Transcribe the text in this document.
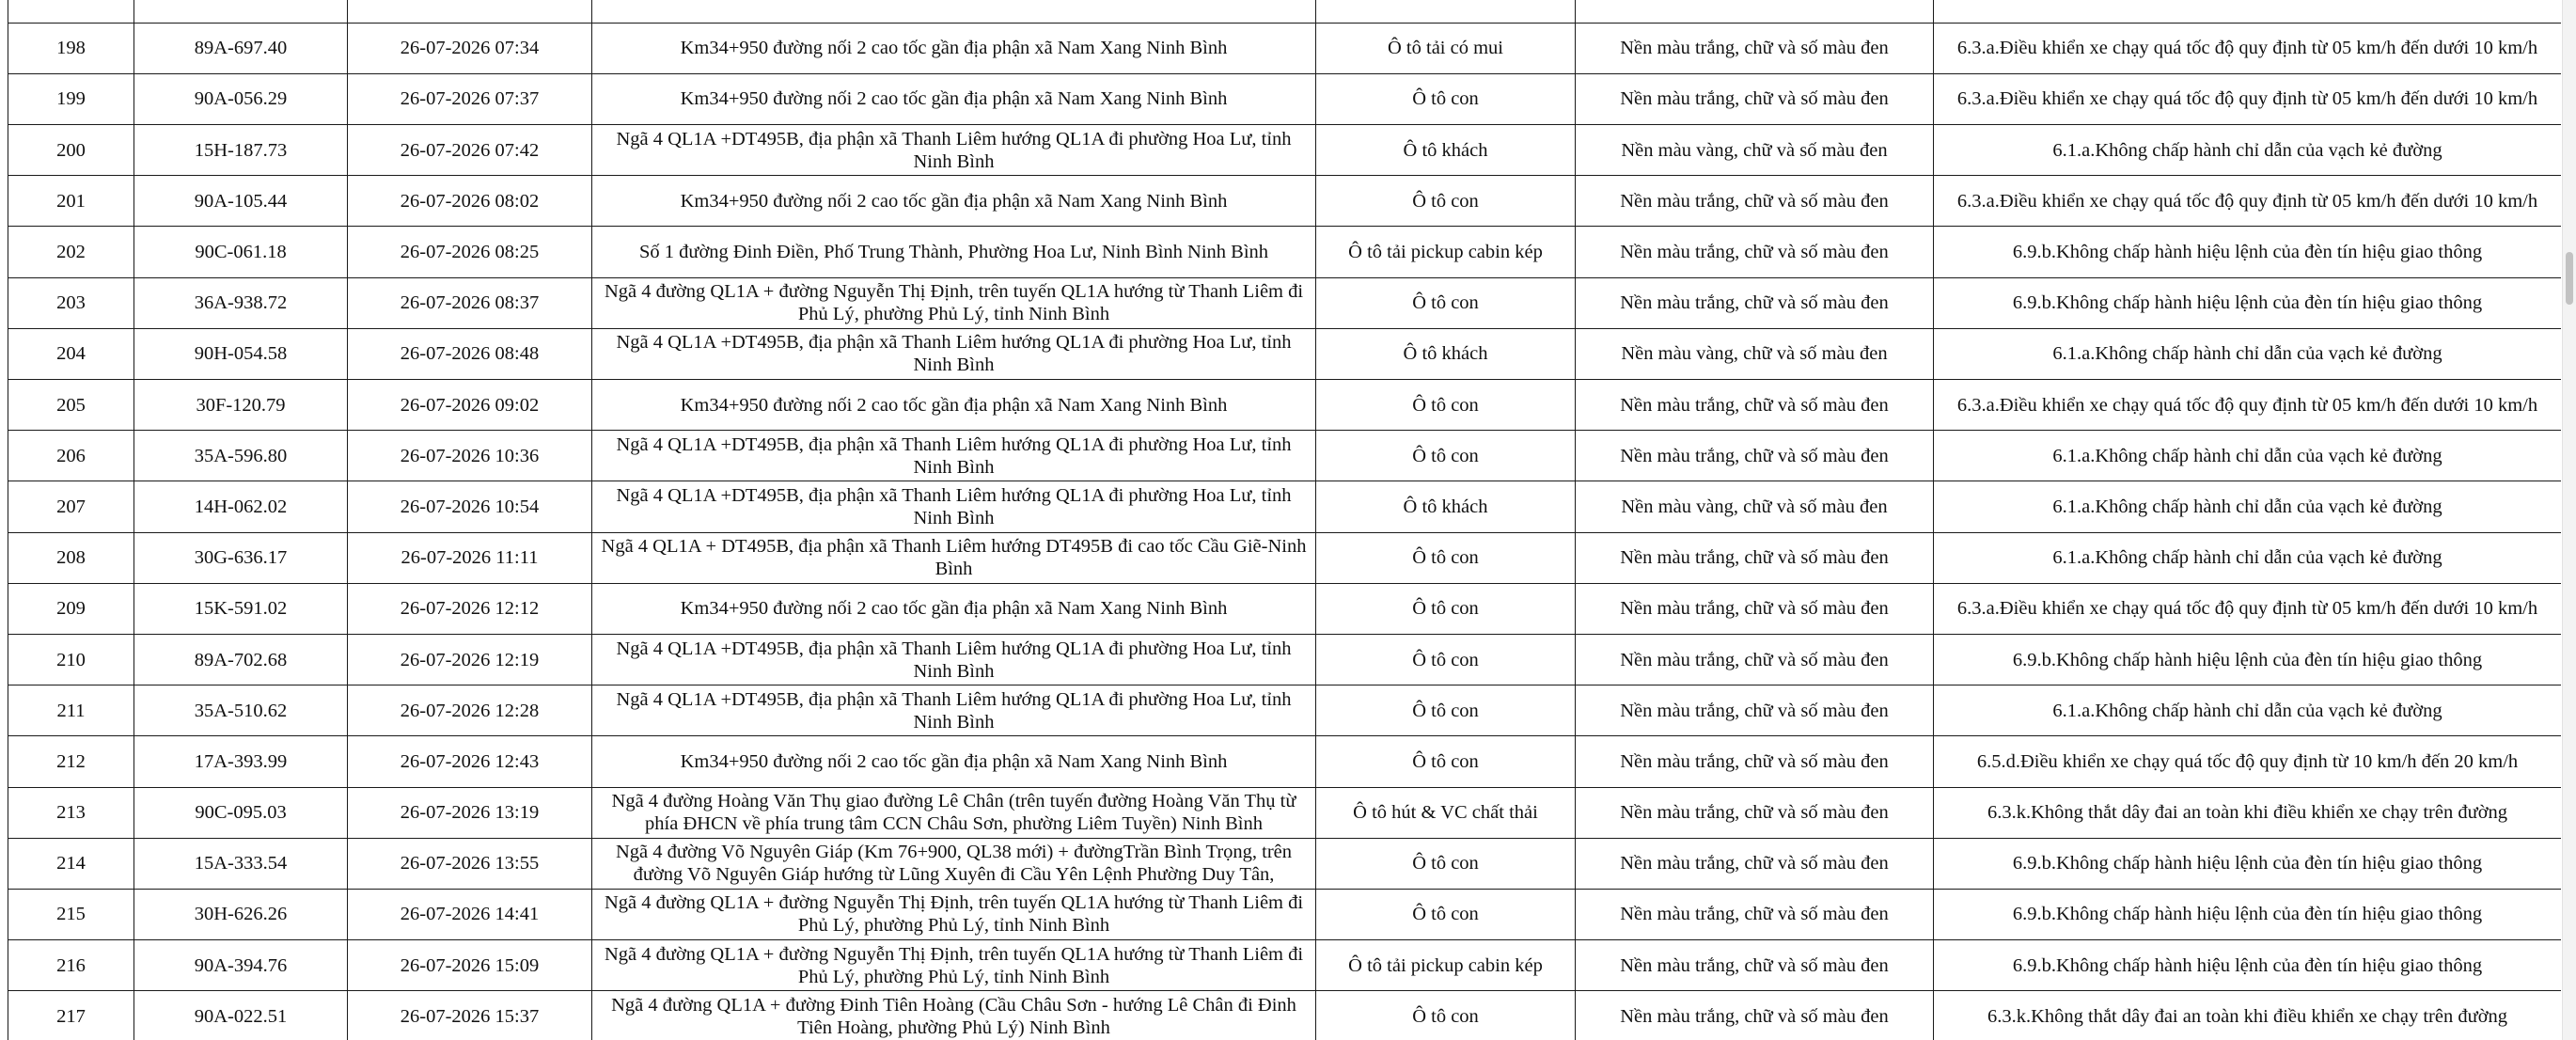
198	89A-697.40	26-07-2026 07:34	Km34+950 đường nối 2 cao tốc gần địa phận xã Nam Xang Ninh Bình	Ô tô tải có mui	Nền màu trắng, chữ và số màu đen	6.3.a.Điều khiển xe chạy quá tốc độ quy định từ 05 km/h đến dưới 10 km/h

199	90A-056.29	26-07-2026 07:37	Km34+950 đường nối 2 cao tốc gần địa phận xã Nam Xang Ninh Bình	Ô tô con	Nền màu trắng, chữ và số màu đen	6.3.a.Điều khiển xe chạy quá tốc độ quy định từ 05 km/h đến dưới 10 km/h

200	15H-187.73	26-07-2026 07:42	Ngã 4 QL1A +DT495B, địa phận xã Thanh Liêm hướng QL1A đi phường Hoa Lư, tỉnh Ninh Bình	Ô tô khách	Nền màu vàng, chữ và số màu đen	6.1.a.Không chấp hành chỉ dẫn của vạch kẻ đường

201	90A-105.44	26-07-2026 08:02	Km34+950 đường nối 2 cao tốc gần địa phận xã Nam Xang Ninh Bình	Ô tô con	Nền màu trắng, chữ và số màu đen	6.3.a.Điều khiển xe chạy quá tốc độ quy định từ 05 km/h đến dưới 10 km/h

202	90C-061.18	26-07-2026 08:25	Số 1 đường Đinh Điền, Phố Trung Thành, Phường Hoa Lư, Ninh Bình Ninh Bình	Ô tô tải pickup cabin kép	Nền màu trắng, chữ và số màu đen	6.9.b.Không chấp hành hiệu lệnh của đèn tín hiệu giao thông

203	36A-938.72	26-07-2026 08:37	Ngã 4 đường QL1A + đường Nguyễn Thị Định, trên tuyến QL1A hướng từ Thanh Liêm đi Phủ Lý, phường Phủ Lý, tỉnh Ninh Bình	Ô tô con	Nền màu trắng, chữ và số màu đen	6.9.b.Không chấp hành hiệu lệnh của đèn tín hiệu giao thông

204	90H-054.58	26-07-2026 08:48	Ngã 4 QL1A +DT495B, địa phận xã Thanh Liêm hướng QL1A đi phường Hoa Lư, tỉnh Ninh Bình	Ô tô khách	Nền màu vàng, chữ và số màu đen	6.1.a.Không chấp hành chỉ dẫn của vạch kẻ đường

205	30F-120.79	26-07-2026 09:02	Km34+950 đường nối 2 cao tốc gần địa phận xã Nam Xang Ninh Bình	Ô tô con	Nền màu trắng, chữ và số màu đen	6.3.a.Điều khiển xe chạy quá tốc độ quy định từ 05 km/h đến dưới 10 km/h

206	35A-596.80	26-07-2026 10:36	Ngã 4 QL1A +DT495B, địa phận xã Thanh Liêm hướng QL1A đi phường Hoa Lư, tỉnh Ninh Bình	Ô tô con	Nền màu trắng, chữ và số màu đen	6.1.a.Không chấp hành chỉ dẫn của vạch kẻ đường

207	14H-062.02	26-07-2026 10:54	Ngã 4 QL1A +DT495B, địa phận xã Thanh Liêm hướng QL1A đi phường Hoa Lư, tỉnh Ninh Bình	Ô tô khách	Nền màu vàng, chữ và số màu đen	6.1.a.Không chấp hành chỉ dẫn của vạch kẻ đường

208	30G-636.17	26-07-2026 11:11	Ngã 4 QL1A + DT495B, địa phận xã Thanh Liêm hướng DT495B đi cao tốc Cầu Giẽ-Ninh Bình	Ô tô con	Nền màu trắng, chữ và số màu đen	6.1.a.Không chấp hành chỉ dẫn của vạch kẻ đường

209	15K-591.02	26-07-2026 12:12	Km34+950 đường nối 2 cao tốc gần địa phận xã Nam Xang Ninh Bình	Ô tô con	Nền màu trắng, chữ và số màu đen	6.3.a.Điều khiển xe chạy quá tốc độ quy định từ 05 km/h đến dưới 10 km/h

210	89A-702.68	26-07-2026 12:19	Ngã 4 QL1A +DT495B, địa phận xã Thanh Liêm hướng QL1A đi phường Hoa Lư, tỉnh Ninh Bình	Ô tô con	Nền màu trắng, chữ và số màu đen	6.9.b.Không chấp hành hiệu lệnh của đèn tín hiệu giao thông

211	35A-510.62	26-07-2026 12:28	Ngã 4 QL1A +DT495B, địa phận xã Thanh Liêm hướng QL1A đi phường Hoa Lư, tỉnh Ninh Bình	Ô tô con	Nền màu trắng, chữ và số màu đen	6.1.a.Không chấp hành chỉ dẫn của vạch kẻ đường

212	17A-393.99	26-07-2026 12:43	Km34+950 đường nối 2 cao tốc gần địa phận xã Nam Xang Ninh Bình	Ô tô con	Nền màu trắng, chữ và số màu đen	6.5.d.Điều khiển xe chạy quá tốc độ quy định từ 10 km/h đến 20 km/h

213	90C-095.03	26-07-2026 13:19	Ngã 4 đường Hoàng Văn Thụ giao đường Lê Chân (trên tuyến đường Hoàng Văn Thụ từ phía ĐHCN về phía trung tâm CCN Châu Sơn, phường Liêm Tuyền) Ninh Bình	Ô tô hút & VC chất thải	Nền màu trắng, chữ và số màu đen	6.3.k.Không thắt dây đai an toàn khi điều khiển xe chạy trên đường

214	15A-333.54	26-07-2026 13:55	Ngã 4 đường Võ Nguyên Giáp (Km 76+900, QL38 mới) + đườngTrần Bình Trọng, trên đường Võ Nguyên Giáp hướng từ Lũng Xuyên đi Cầu Yên Lệnh Phường Duy Tân,	Ô tô con	Nền màu trắng, chữ và số màu đen	6.9.b.Không chấp hành hiệu lệnh của đèn tín hiệu giao thông

215	30H-626.26	26-07-2026 14:41	Ngã 4 đường QL1A + đường Nguyễn Thị Định, trên tuyến QL1A hướng từ Thanh Liêm đi Phủ Lý, phường Phủ Lý, tỉnh Ninh Bình	Ô tô con	Nền màu trắng, chữ và số màu đen	6.9.b.Không chấp hành hiệu lệnh của đèn tín hiệu giao thông

216	90A-394.76	26-07-2026 15:09	Ngã 4 đường QL1A + đường Nguyễn Thị Định, trên tuyến QL1A hướng từ Thanh Liêm đi Phủ Lý, phường Phủ Lý, tỉnh Ninh Bình	Ô tô tải pickup cabin kép	Nền màu trắng, chữ và số màu đen	6.9.b.Không chấp hành hiệu lệnh của đèn tín hiệu giao thông

217	90A-022.51	26-07-2026 15:37	Ngã 4 đường QL1A + đường Đinh Tiên Hoàng (Cầu Châu Sơn - hướng Lê Chân đi Đinh Tiên Hoàng, phường Phủ Lý) Ninh Bình	Ô tô con	Nền màu trắng, chữ và số màu đen	6.3.k.Không thắt dây đai an toàn khi điều khiển xe chạy trên đường
